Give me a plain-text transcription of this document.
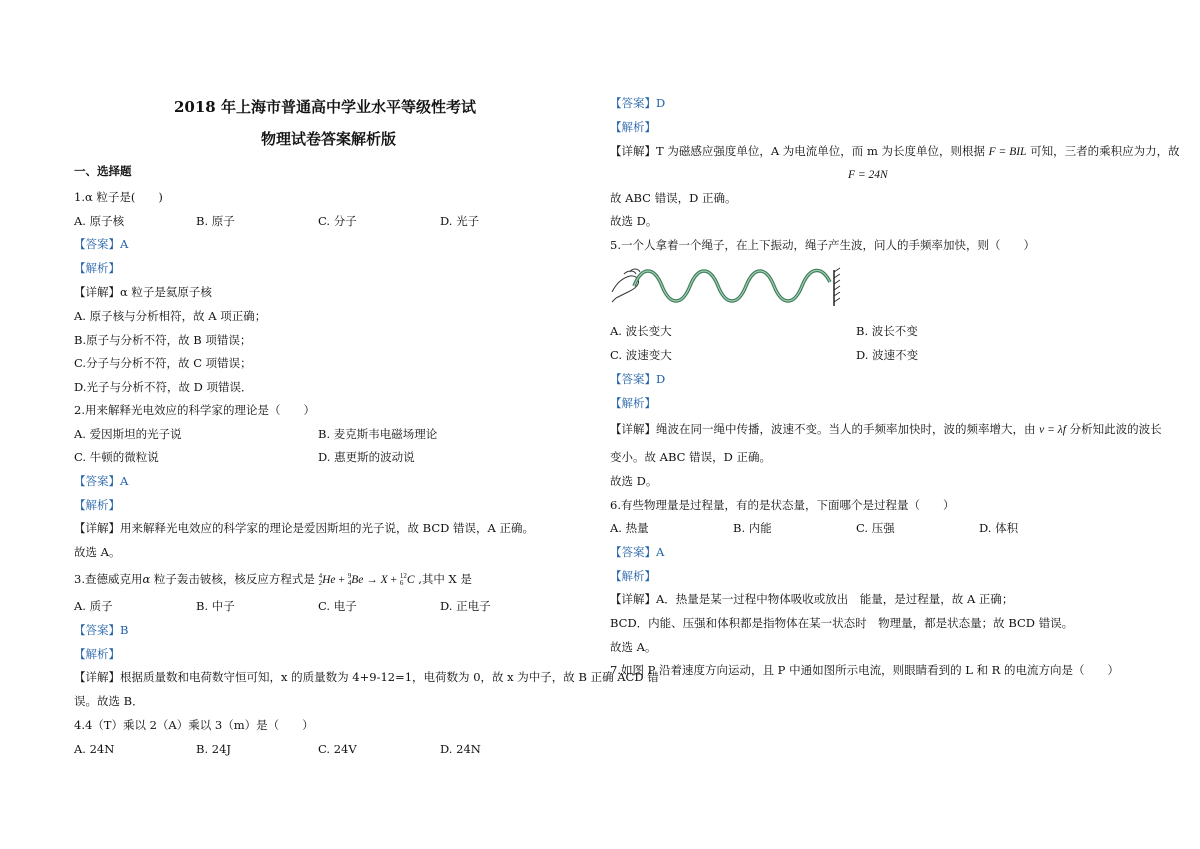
2018 年上海市普通高中学业水平等级性考试
物理试卷答案解析版
一、选择题
1.α 粒子是(　　)
A. 原子核	B. 原子	C. 分子	D. 光子
【答案】A
【解析】
【详解】α 粒子是氦原子核
A. 原子核与分析相符，故 A 项正确；
B.原子与分析不符，故 B 项错误；
C.分子与分析不符，故 C 项错误；
D.光子与分析不符，故 D 项错误．
2.用来解释光电效应的科学家的理论是（　　）
A. 爱因斯坦的光子说	B. 麦克斯韦电磁场理论
C. 牛顿的微粒说	D. 惠更斯的波动说
【答案】A
【解析】
【详解】用来解释光电效应的科学家的理论是爱因斯坦的光子说，故 BCD 错误，A 正确。
故选 A。
3.查德威克用α 粒子轰击铍核，核反应方程式是 4
2 He + 9
4 Be → X + 12
6 C ,其中 X 是
A. 质子	B. 中子	C. 电子	D. 正电子
【答案】B
【解析】
【详解】根据质量数和电荷数守恒可知，x 的质量数为 4+9-12=1，电荷数为 0，故 x 为中子，故 B 正确 ACD 错
误。故选 B．
4.4（T）乘以 2（A）乘以 3（m）是（　　）
A. 24N	B. 24J	C. 24V	D. 24N
【答案】D
【解析】
【详解】T 为磁感应强度单位，A 为电流单位，而 m 为长度单位，则根据 F = BIL 可知，三者的乘积应为力，故
F = 24N
故 ABC 错误，D 正确。
故选 D。
5.一个人拿着一个绳子，在上下振动，绳子产生波，问人的手频率加快，则（　　）
A. 波长变大	B. 波长不变
C. 波速变大	D. 波速不变
【答案】D
【解析】
【详解】绳波在同一绳中传播，波速不变。当人的手频率加快时，波的频率增大，由 v = λf 分析知此波的波长
变小。故 ABC 错误，D 正确。
故选 D。
6.有些物理量是过程量，有的是状态量，下面哪个是过程量（　　）
A. 热量	B. 内能	C. 压强	D. 体积
【答案】A
【解析】
【详解】A．热量是某一过程中物体吸收或放出　能量，是过程量，故 A 正确；
BCD．内能、压强和体积都是指物体在某一状态时　物理量，都是状态量；故 BCD 错误。
故选 A。
7.如图 P 沿着速度方向运动，且 P 中通如图所示电流，则眼睛看到的 L 和 R 的电流方向是（　　）
